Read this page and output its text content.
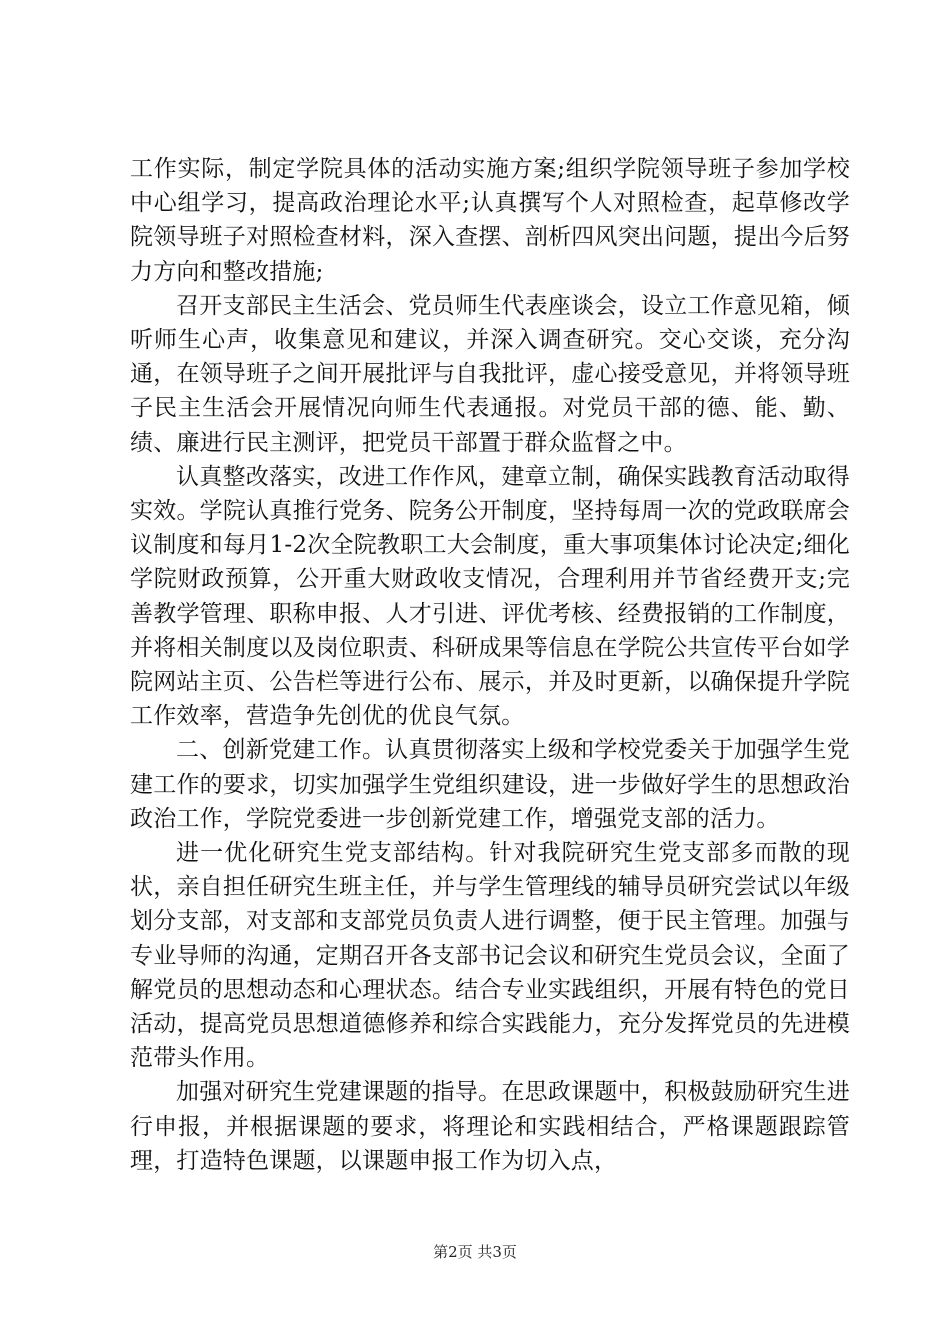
工作实际，制定学院具体的活动实施方案;组织学院领导班子参加学校中心组学习，提高政治理论水平;认真撰写个人对照检查，起草修改学院领导班子对照检查材料，深入查摆、剖析四风突出问题，提出今后努力方向和整改措施;

召开支部民主生活会、党员师生代表座谈会，设立工作意见箱，倾听师生心声，收集意见和建议，并深入调查研究。交心交谈，充分沟通，在领导班子之间开展批评与自我批评，虚心接受意见，并将领导班子民主生活会开展情况向师生代表通报。对党员干部的德、能、勤、绩、廉进行民主测评，把党员干部置于群众监督之中。

认真整改落实，改进工作作风，建章立制，确保实践教育活动取得实效。学院认真推行党务、院务公开制度，坚持每周一次的党政联席会议制度和每月1-2次全院教职工大会制度，重大事项集体讨论决定;细化学院财政预算，公开重大财政收支情况，合理利用并节省经费开支;完善教学管理、职称申报、人才引进、评优考核、经费报销的工作制度，并将相关制度以及岗位职责、科研成果等信息在学院公共宣传平台如学院网站主页、公告栏等进行公布、展示，并及时更新，以确保提升学院工作效率，营造争先创优的优良气氛。

二、创新党建工作。认真贯彻落实上级和学校党委关于加强学生党建工作的要求，切实加强学生党组织建设，进一步做好学生的思想政治政治工作，学院党委进一步创新党建工作，增强党支部的活力。

进一优化研究生党支部结构。针对我院研究生党支部多而散的现状，亲自担任研究生班主任，并与学生管理线的辅导员研究尝试以年级划分支部，对支部和支部党员负责人进行调整，便于民主管理。加强与专业导师的沟通，定期召开各支部书记会议和研究生党员会议，全面了解党员的思想动态和心理状态。结合专业实践组织，开展有特色的党日活动，提高党员思想道德修养和综合实践能力，充分发挥党员的先进模范带头作用。

加强对研究生党建课题的指导。在思政课题中，积极鼓励研究生进行申报，并根据课题的要求，将理论和实践相结合，严格课题跟踪管理，打造特色课题，以课题申报工作为切入点，

第2页 共3页
